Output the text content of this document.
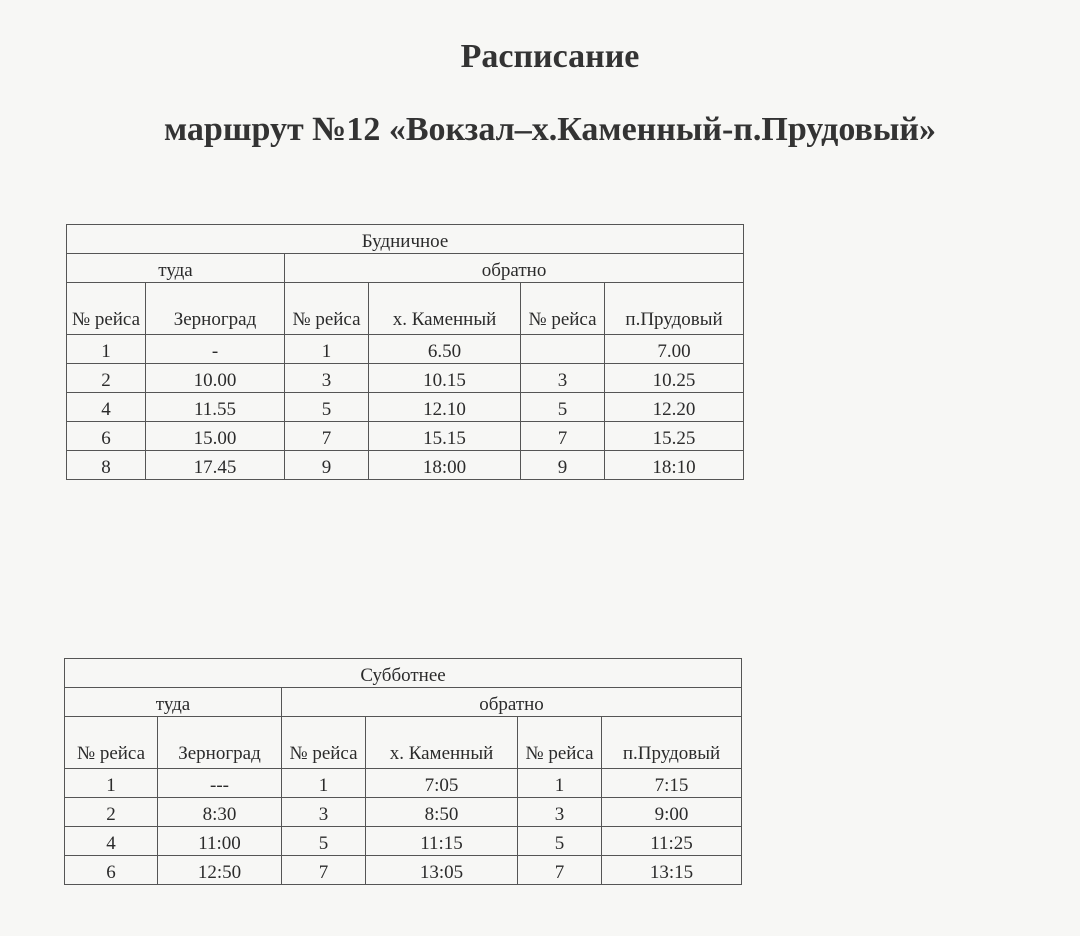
Расписание
маршрут №12 «Вокзал–х.Каменный-п.Прудовый»
Будничное					
туда		обратно			
№ рейса	Зерноград	№ рейса	х. Каменный	№ рейса	п.Прудовый
1	-	1	6.50		7.00
2	10.00	3	10.15	3	10.25
4	11.55	5	12.10	5	12.20
6	15.00	7	15.15	7	15.25
8	17.45	9	18:00	9	18:10
Субботнее					
туда		обратно			
№ рейса	Зерноград	№ рейса	х. Каменный	№ рейса	п.Прудовый
1	---	1	7:05	1	7:15
2	8:30	3	8:50	3	9:00
4	11:00	5	11:15	5	11:25
6	12:50	7	13:05	7	13:15
